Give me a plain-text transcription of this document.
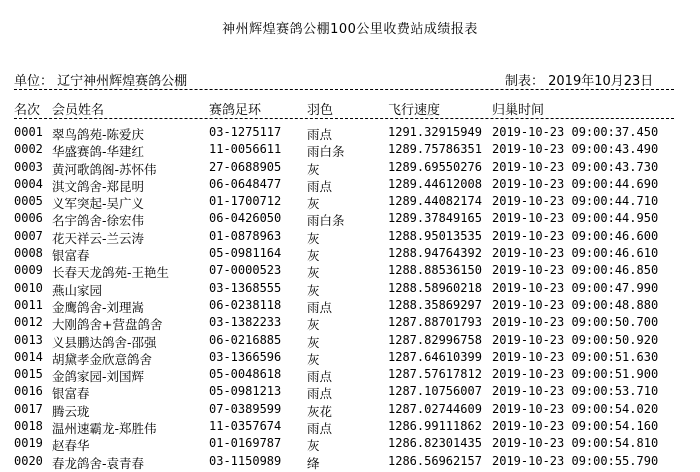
神州辉煌赛鸽公棚100公里收费站成绩报表
单位： 辽宁神州辉煌赛鸽公棚	制表： 2019年10月23日
名次 会员姓名	赛鸽足环	羽色	飞行速度	归巢时间
0001 翠鸟鸽苑-陈爱庆	03-1275117 雨点	1291.32915949 2019-10-23 09:00:37.450
0002 华盛赛鸽-华建红	11-0056611 雨白条	1289.75786351 2019-10-23 09:00:43.490
0003 黄河歌鸽阁-苏怀伟	27-0688905 灰	1289.69550276 2019-10-23 09:00:43.730
0004 淇文鸽舍-郑昆明	06-0648477 雨点	1289.44612008 2019-10-23 09:00:44.690
0005 义军突起-吴广义	01-1700712 灰	1289.44082174 2019-10-23 09:00:44.710
0006 名宇鸽舍-徐宏伟	06-0426050 雨白条	1289.37849165 2019-10-23 09:00:44.950
0007 花天祥云-兰云涛	01-0878963 灰	1288.95013535 2019-10-23 09:00:46.600
0008 银富春	05-0981164 灰	1288.94764392 2019-10-23 09:00:46.610
0009 长春天龙鸽苑-王艳生	07-0000523 灰	1288.88536150 2019-10-23 09:00:46.850
0010 燕山家园	03-1368555 灰	1288.58960218 2019-10-23 09:00:47.990
0011 金鹰鸽舍-刘理嵩	06-0238118 雨点	1288.35869297 2019-10-23 09:00:48.880
0012 大刚鸽舍+营盘鸽舍	03-1382233 灰	1287.88701793 2019-10-23 09:00:50.700
0013 义县鹏达鸽舍-邵强	06-0216885 灰	1287.82996758 2019-10-23 09:00:50.920
0014 胡黛孝金欣意鸽舍	03-1366596 灰	1287.64610399 2019-10-23 09:00:51.630
0015 金鸽家园-刘国辉	05-0048618 雨点	1287.57617812 2019-10-23 09:00:51.900
0016 银富春	05-0981213 雨点	1287.10756007 2019-10-23 09:00:53.710
0017 腾云珑	07-0389599 灰花	1287.02744609 2019-10-23 09:00:54.020
0018 温州速霸龙-郑胜伟	11-0357674 雨点	1286.99111862 2019-10-23 09:00:54.160
0019 赵春华	01-0169787 灰	1286.82301435 2019-10-23 09:00:54.810
0020 春龙鸽舍-袁青春	03-1150989 绛	1286.56962157 2019-10-23 09:00:55.790
